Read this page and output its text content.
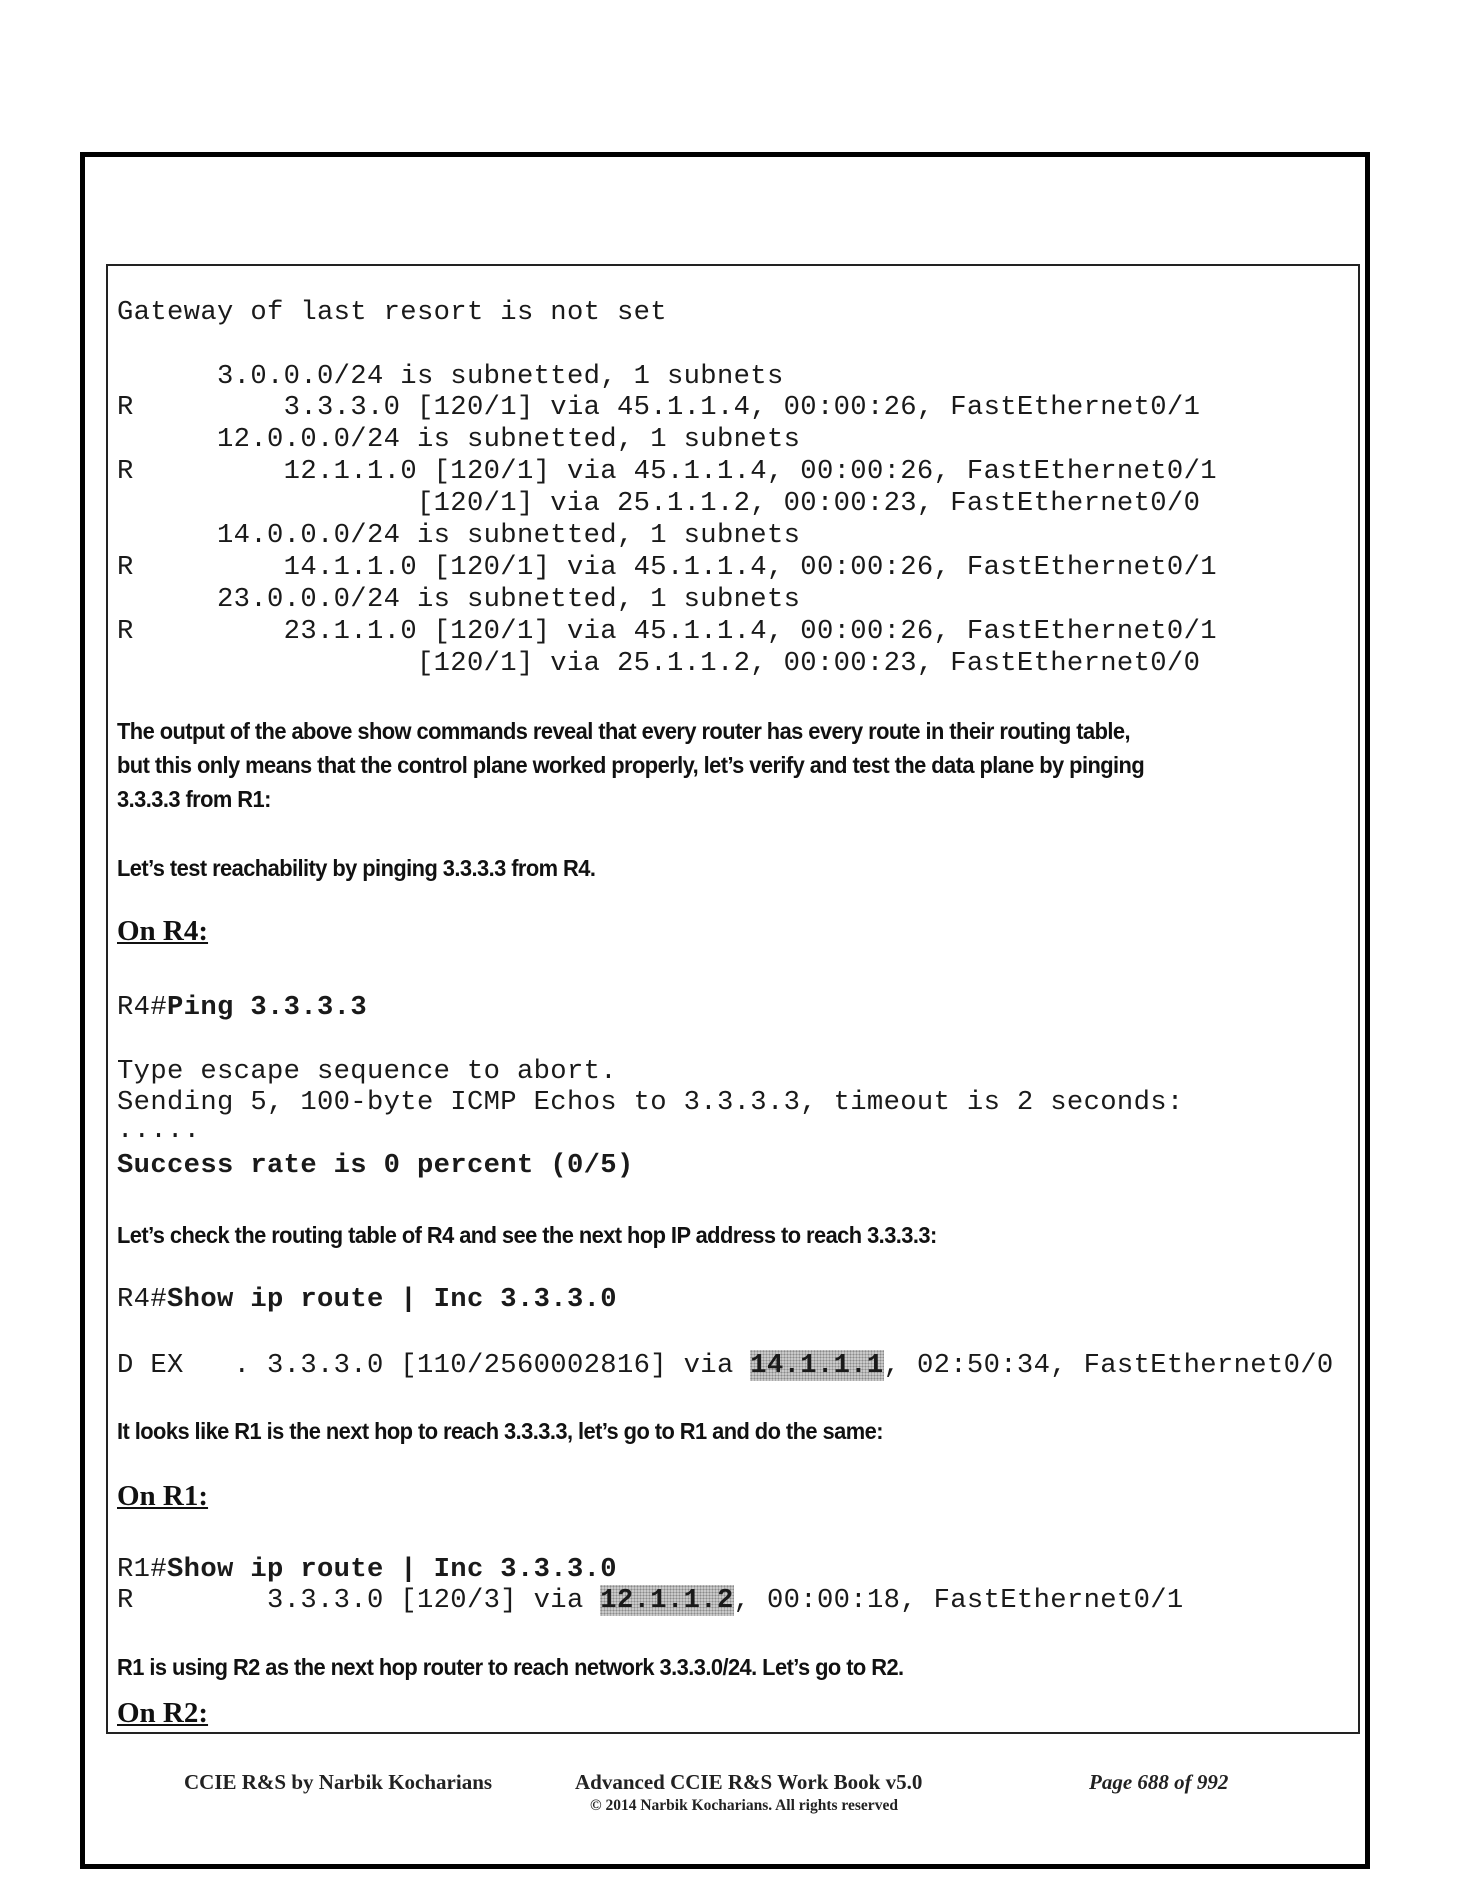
Gateway of last resort is not set
3.0.0.0/24 is subnetted, 1 subnets
R         3.3.3.0 [120/1] via 45.1.1.4, 00:00:26, FastEthernet0/1
12.0.0.0/24 is subnetted, 1 subnets
R         12.1.1.0 [120/1] via 45.1.1.4, 00:00:26, FastEthernet0/1
[120/1] via 25.1.1.2, 00:00:23, FastEthernet0/0
14.0.0.0/24 is subnetted, 1 subnets
R         14.1.1.0 [120/1] via 45.1.1.4, 00:00:26, FastEthernet0/1
23.0.0.0/24 is subnetted, 1 subnets
R         23.1.1.0 [120/1] via 45.1.1.4, 00:00:26, FastEthernet0/1
[120/1] via 25.1.1.2, 00:00:23, FastEthernet0/0
The output of the above show commands reveal that every router has every route in their routing table,
but this only means that the control plane worked properly, let’s verify and test the data plane by pinging
3.3.3.3 from R1:
Let’s test reachability by pinging 3.3.3.3 from R4.
On R4:
R4#Ping 3.3.3.3
Type escape sequence to abort.
Sending 5, 100-byte ICMP Echos to 3.3.3.3, timeout is 2 seconds:
.....
Success rate is 0 percent (0/5)
Let’s check the routing table of R4 and see the next hop IP address to reach 3.3.3.3:
R4#Show ip route | Inc 3.3.3.0
D EX   . 3.3.3.0 [110/2560002816] via 14.1.1.1, 02:50:34, FastEthernet0/0
It looks like R1 is the next hop to reach 3.3.3.3, let’s go to R1 and do the same:
On R1:
R1#Show ip route | Inc 3.3.3.0
R        3.3.3.0 [120/3] via 12.1.1.2, 00:00:18, FastEthernet0/1
R1 is using R2 as the next hop router to reach network 3.3.3.0/24. Let’s go to R2.
On R2:
CCIE R&S by Narbik Kocharians	Advanced CCIE R&S Work Book v5.0
© 2014 Narbik Kocharians. All rights reserved
Page 688 of 992
